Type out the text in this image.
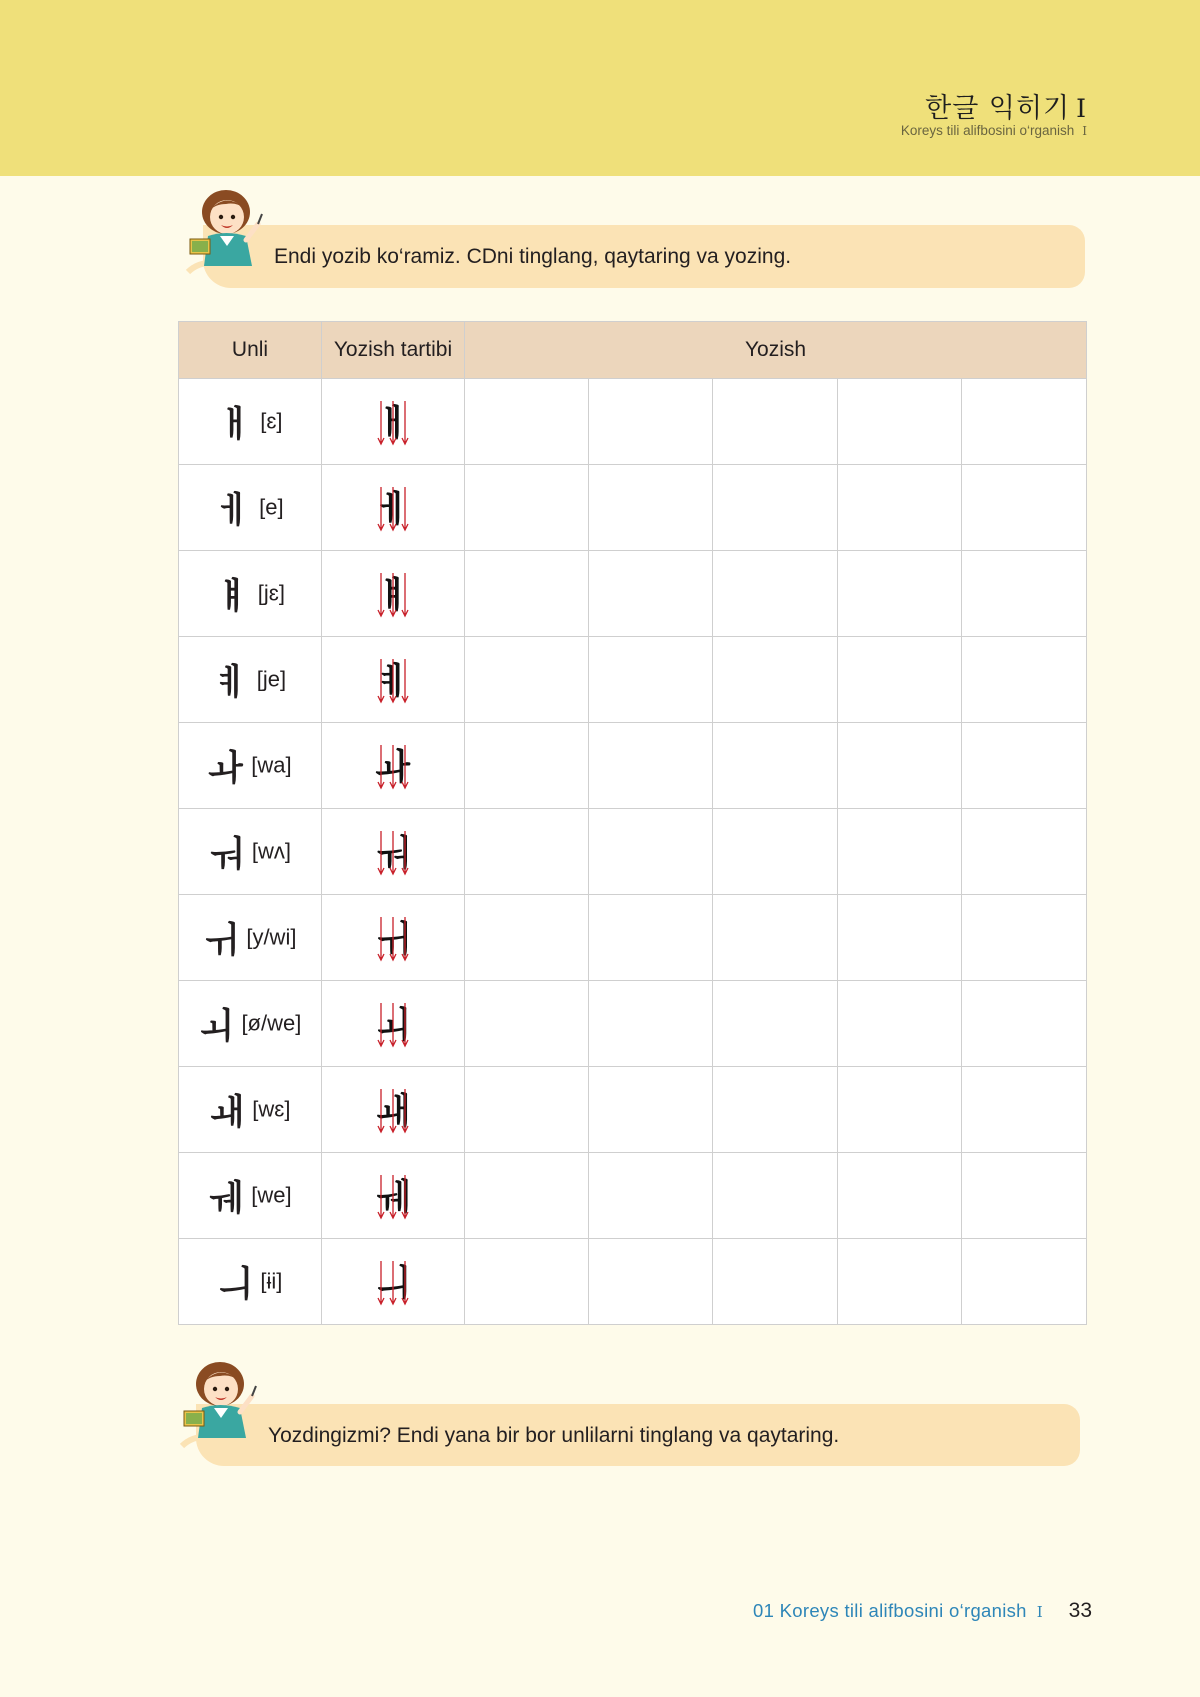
한글 익히기 I
Koreys tili alifbosini o‘rganish I
Endi yozib ko‘ramiz. CDni tinglang, qaytaring va yozing.
Unli	Yozish tartibi	Yozish				
ㅐ [ɛ]	ㅐ					

ㅔ [e]	ㅔ					

ㅒ [jɛ]	ㅒ					

ㅖ [je]	ㅖ					

ㅘ [wa]	ㅘ					

ㅝ [wʌ]	ㅝ					

ㅟ [y/wi]	ㅟ					

ㅚ [ø/we]	ㅚ					

ㅙ [wɛ]	ㅙ					

ㅞ [we]	ㅞ					

ㅢ [ɨi]	ㅢ					

Yozdingizmi? Endi yana bir bor unlilarni tinglang va qaytaring.
01 Koreys tili alifbosini o‘rganish I 33
